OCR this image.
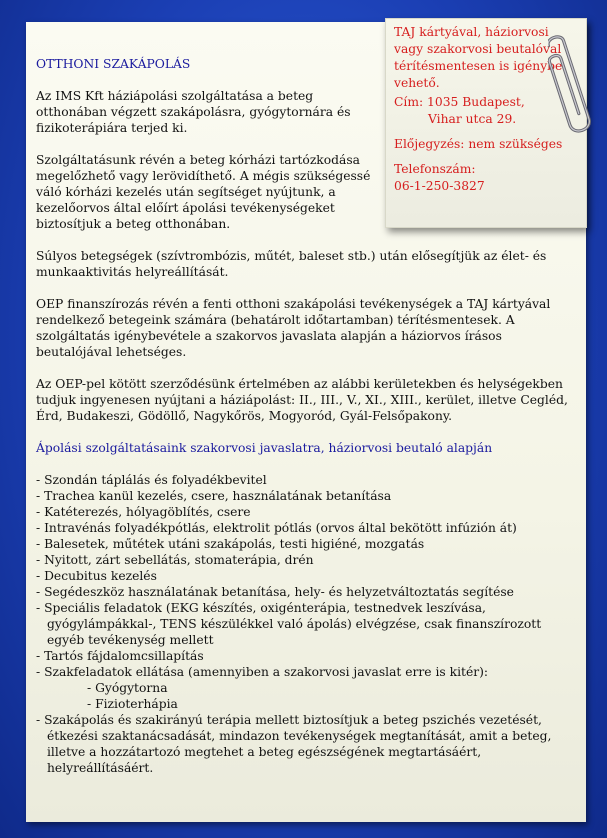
OTTHONI SZAKÁPOLÁS

Az IMS Kft háziápolási szolgáltatása a beteg otthonában végzett szakápolásra, gyógytornára és fizikoterápiára terjed ki.

Szolgáltatásunk révén a beteg kórházi tartózkodása megelőzhető vagy lerövidíthető. A mégis szükségessé váló kórházi kezelés után segítséget nyújtunk, a kezelőorvos által előírt ápolási tevékenységeket biztosítjuk a beteg otthonában.

Súlyos betegségek (szívtrombózis, műtét, baleset stb.) után elősegítjük az élet- és munkaaktivitás helyreállítását.

OEP finanszírozás révén a fenti otthoni szakápolási tevékenységek a TAJ kártyával rendelkező betegeink számára (behatárolt időtartamban) térítésmentesek. A szolgáltatás igénybevétele a szakorvos javaslata alapján a háziorvos írásos beutalójával lehetséges.

Az OEP-pel kötött szerződésünk értelmében az alábbi kerületekben és helységekben tudjuk ingyenesen nyújtani a háziápolást: II., III., V., XI., XIII., kerület, illetve Cegléd, Érd, Budakeszi, Gödöllő, Nagykőrös, Mogyoród, Gyál-Felsőpakony.

Ápolási szolgáltatásaink szakorvosi javaslatra, háziorvosi beutaló alapján

- Szondán táplálás és folyadékbevitel
- Trachea kanül kezelés, csere, használatának betanítása
- Katéterezés, hólyagöblítés, csere
- Intravénás folyadékpótlás, elektrolit pótlás (orvos által bekötött infúzión át)
- Balesetek, műtétek utáni szakápolás, testi higiéné, mozgatás
- Nyitott, zárt sebellátás, stomaterápia, drén
- Decubitus kezelés
- Segédeszköz használatának betanítása, hely- és helyzetváltoztatás segítése
- Speciális feladatok (EKG készítés, oxigénterápia, testnedvek leszívása, gyógylámpákkal-, TENS készülékkel való ápolás) elvégzése, csak finanszírozott egyéb tevékenység mellett
- Tartós fájdalomcsillapítás
- Szakfeladatok ellátása (amennyiben a szakorvosi javaslat erre is kitér):
- Gyógytorna
- Fizioterhápia
- Szakápolás és szakirányú terápia mellett biztosítjuk a beteg pszichés vezetését, étkezési szaktanácsadását, mindazon tevékenységek megtanítását, amit a beteg, illetve a hozzátartozó megtehet a beteg egészségének megtartásáért, helyreállításáért.

TAJ kártyával, háziorvosi vagy szakorvosi beutalóval térítésmentesen is igénybe vehető.

Cím: 1035 Budapest,

Vihar utca 29.

Előjegyzés: nem szükséges

Telefonszám:

06-1-250-3827
